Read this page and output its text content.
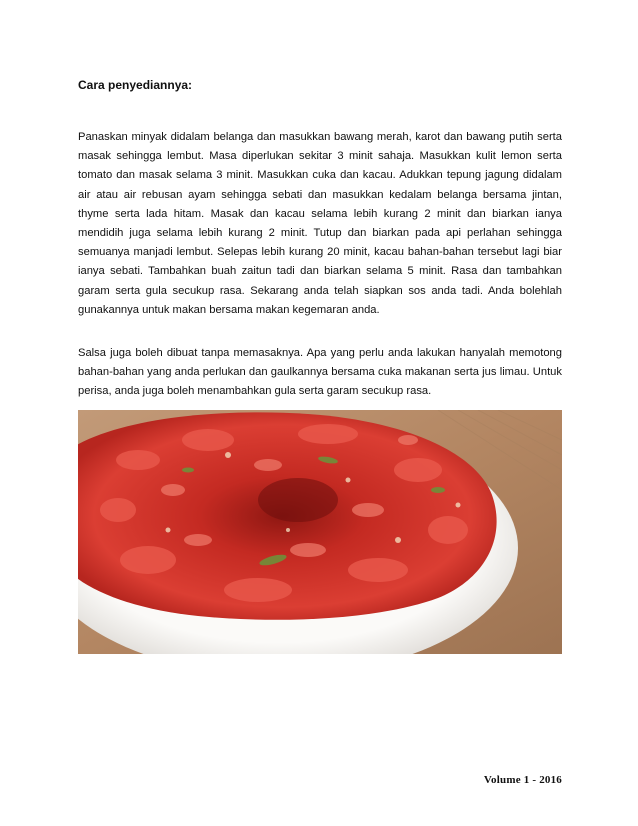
Cara penyediannya:

Panaskan minyak didalam belanga dan masukkan bawang merah, karot dan bawang putih serta masak sehingga lembut. Masa diperlukan sekitar 3 minit sahaja. Masukkan kulit lemon serta tomato dan masak selama 3 minit. Masukkan cuka dan kacau. Adukkan tepung jagung didalam air atau air rebusan ayam sehingga sebati dan masukkan kedalam belanga bersama jintan, thyme serta lada hitam. Masak dan kacau selama lebih kurang 2 minit dan biarkan ianya mendidih juga selama lebih kurang 2 minit. Tutup dan biarkan pada api perlahan sehingga semuanya manjadi lembut. Selepas lebih kurang 20 minit, kacau bahan-bahan tersebut lagi biar ianya sebati. Tambahkan buah zaitun tadi dan biarkan selama 5 minit. Rasa dan tambahkan garam serta gula secukup rasa. Sekarang anda telah siapkan sos anda tadi. Anda bolehlah gunakannya untuk makan bersama makan kegemaran anda.

Salsa juga boleh dibuat tanpa memasaknya. Apa yang perlu anda lakukan hanyalah memotong bahan-bahan yang anda perlukan dan gaulkannya bersama cuka makanan serta jus limau. Untuk perisa, anda juga boleh menambahkan gula serta garam secukup rasa.

Volume 1 - 2016
